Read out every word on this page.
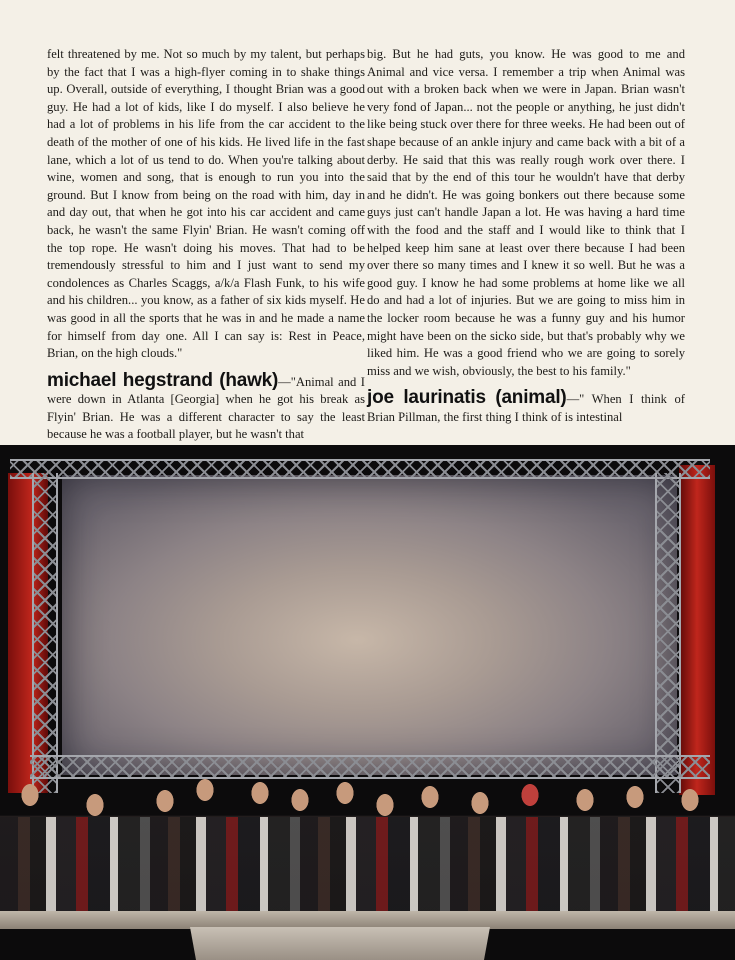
felt threatened by me. Not so much by my talent, but perhaps by the fact that I was a high-flyer coming in to shake things up. Overall, outside of everything, I thought Brian was a good guy. He had a lot of kids, like I do myself. I also believe he had a lot of problems in his life from the car accident to the death of the mother of one of his kids. He lived life in the fast lane, which a lot of us tend to do. When you're talking about wine, women and song, that is enough to run you into the ground. But I know from being on the road with him, day in and day out, that when he got into his car accident and came back, he wasn't the same Flyin' Brian. He wasn't coming off the top rope. He wasn't doing his moves. That had to be tremendously stressful to him and I just want to send my condolences as Charles Scaggs, a/k/a Flash Funk, to his wife and his children... you know, as a father of six kids myself. He was good in all the sports that he was in and he made a name for himself from day one. All I can say is: Rest in Peace, Brian, on the high clouds."

michael hegstrand (hawk)—"Animal and I were down in Atlanta [Georgia] when he got his break as Flyin' Brian. He was a different character to say the least because he was a football player, but he wasn't that

big. But he had guts, you know. He was good to me and Animal and vice versa. I remember a trip when Animal was out with a broken back when we were in Japan. Brian wasn't very fond of Japan... not the people or anything, he just didn't like being stuck over there for three weeks. He had been out of shape because of an ankle injury and came back with a bit of a derby. He said that this was really rough work over there. I said that by the end of this tour he wouldn't have that derby and he didn't. He was going bonkers out there because some guys just can't handle Japan a lot. He was having a hard time with the food and the staff and I would like to think that I helped keep him sane at least over there because I had been over there so many times and I knew it so well. But he was a good guy. I know he had some problems at home like we all do and had a lot of injuries. But we are going to miss him in the locker room because he was a funny guy and his humor might have been on the sicko side, but that's probably why we liked him. He was a good friend who we are going to sorely miss and we wish, obviously, the best to his family."

joe laurinatis (animal)—" When I think of Brian Pillman, the first thing I think of is intestinal
